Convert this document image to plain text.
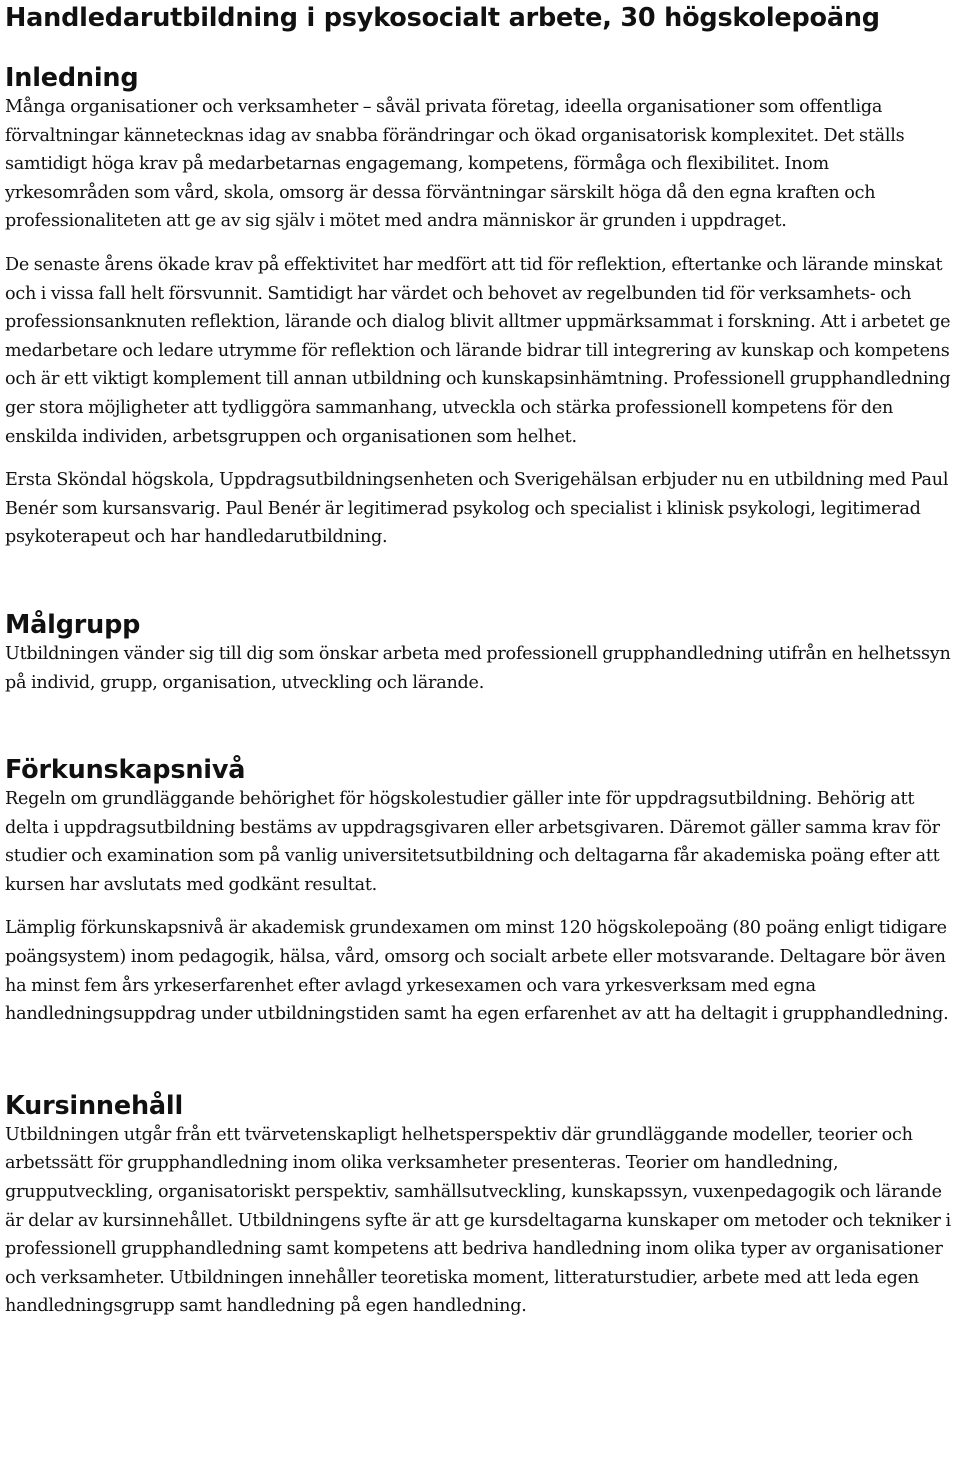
Handledarutbildning i psykosocialt arbete, 30 högskolepoäng
Inledning

Många organisationer och verksamheter – såväl privata företag, ideella organisationer som offentliga förvaltningar kännetecknas idag av snabba förändringar och ökad organisatorisk komplexitet. Det ställs samtidigt höga krav på medarbetarnas engagemang, kompetens, förmåga och flexibilitet. Inom yrkesområden som vård, skola, omsorg är dessa förväntningar särskilt höga då den egna kraften och professionaliteten att ge av sig själv i mötet med andra människor är grunden i uppdraget.

De senaste årens ökade krav på effektivitet har medfört att tid för reflektion, eftertanke och lärande minskat och i vissa fall helt försvunnit. Samtidigt har värdet och behovet av regelbunden tid för verksamhets- och professionsanknuten reflektion, lärande och dialog blivit alltmer uppmärksammat i forskning. Att i arbetet ge medarbetare och ledare utrymme för reflektion och lärande bidrar till integrering av kunskap och kompetens och är ett viktigt komplement till annan utbildning och kunskapsinhämtning. Professionell grupphandledning ger stora möjligheter att tydliggöra sammanhang, utveckla och stärka professionell kompetens för den enskilda individen, arbetsgruppen och organisationen som helhet.

Ersta Sköndal högskola, Uppdragsutbildningsenheten och Sverigehälsan erbjuder nu en utbildning med Paul Benér som kursansvarig. Paul Benér är legitimerad psykolog och specialist i klinisk psykologi, legitimerad psykoterapeut och har handledarutbildning.

Målgrupp

Utbildningen vänder sig till dig som önskar arbeta med professionell grupphandledning utifrån en helhetssyn på individ, grupp, organisation, utveckling och lärande.

Förkunskapsnivå

Regeln om grundläggande behörighet för högskolestudier gäller inte för uppdragsutbildning. Behörig att delta i uppdragsutbildning bestäms av uppdragsgivaren eller arbetsgivaren. Däremot gäller samma krav för studier och examination som på vanlig universitetsutbildning och deltagarna får akademiska poäng efter att kursen har avslutats med godkänt resultat.

Lämplig förkunskapsnivå är akademisk grundexamen om minst 120 högskolepoäng (80 poäng enligt tidigare poängsystem) inom pedagogik, hälsa, vård, omsorg och socialt arbete eller motsvarande. Deltagare bör även ha minst fem års yrkeserfarenhet efter avlagd yrkesexamen och vara yrkesverksam med egna handledningsuppdrag under utbildningstiden samt ha egen erfarenhet av att ha deltagit i grupphandledning.

Kursinnehåll

Utbildningen utgår från ett tvärvetenskapligt helhetsperspektiv där grundläggande modeller, teorier och arbetssätt för grupphandledning inom olika verksamheter presenteras. Teorier om handledning, grupputveckling, organisatoriskt perspektiv, samhällsutveckling, kunskapssyn, vuxenpedagogik och lärande är delar av kursinnehållet. Utbildningens syfte är att ge kursdeltagarna kunskaper om metoder och tekniker i professionell grupphandledning samt kompetens att bedriva handledning inom olika typer av organisationer och verksamheter. Utbildningen innehåller teoretiska moment, litteraturstudier, arbete med att leda egen handledningsgrupp samt handledning på egen handledning.
